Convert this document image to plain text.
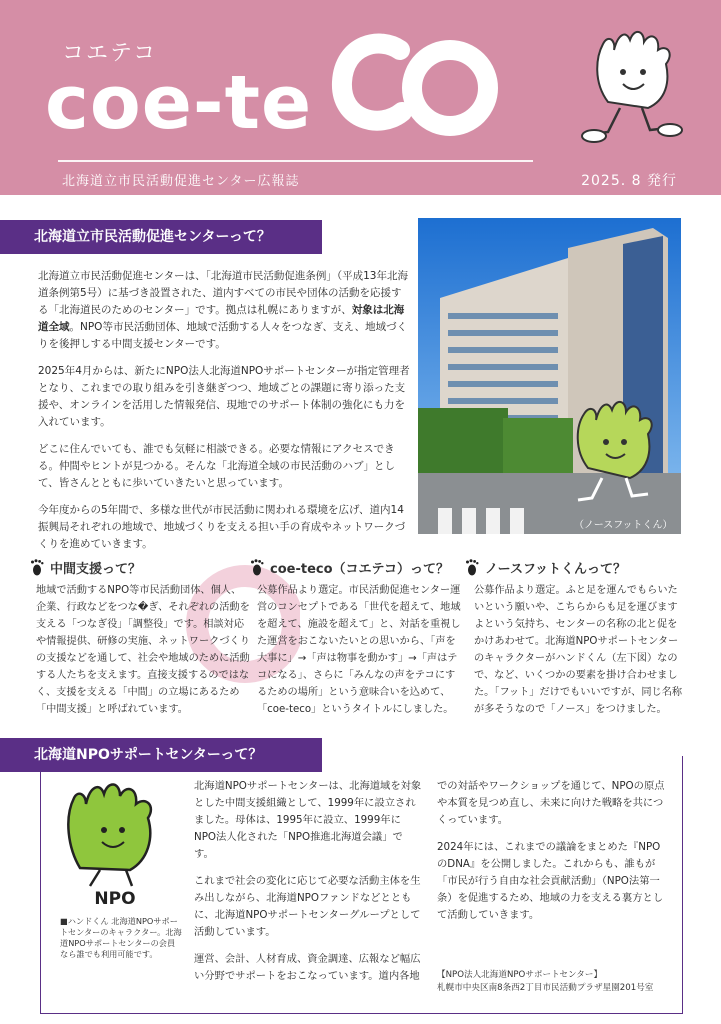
コエテコ
coe-te
北海道立市民活動促進センター広報誌	2025. 8 発行
北海道立市民活動促進センターって？

北海道立市民活動促進センターは、「北海道市民活動促進条例」（平成13年北海道条例第5号）に基づき設置された、道内すべての市民や団体の活動を応援する「北海道民のためのセンター」です。拠点は札幌にありますが、対象は北海道全域。NPO等市民活動団体、地域で活動する人々をつなぎ、支え、地域づくりを後押しする中間支援センターです。

2025年4月からは、新たにNPO法人北海道NPOサポートセンターが指定管理者となり、これまでの取り組みを引き継ぎつつ、地域ごとの課題に寄り添った支援や、オンラインを活用した情報発信、現地でのサポート体制の強化にも力を入れています。

どこに住んでいても、誰でも気軽に相談できる。必要な情報にアクセスできる。仲間やヒントが見つかる。そんな「北海道全域の市民活動のハブ」として、皆さんとともに歩いていきたいと思っています。

今年度からの5年間で、多様な世代が市民活動に関われる環境を広げ、道内14振興局それぞれの地域で、地域づくりを支える担い手の育成やネットワークづくりを進めていきます。

（ノースフットくん）
中間支援って？
地域で活動するNPO等市民活動団体、個人、企業、行政などをつな�ぎ、それぞれの活動を支える「つなぎ役」「調整役」です。相談対応や情報提供、研修の実施、ネットワークづくりの支援などを通して、社会や地域のために活動する人たちを支えます。直接支援するのではなく、支援を支える「中間」の立場にあるため「中間支援」と呼ばれています。
coe-teco（コエテコ）って？
公募作品より選定。市民活動促進センター運営のコンセプトである「世代を超えて、地域を超えて、施設を超えて」と、対話を重視した運営をおこないたいとの思いから、「声を大事に」→「声は物事を動かす」→「声はテコになる」、さらに「みんなの声をテコにするための場所」という意味合いを込めて、「coe-teco」というタイトルにしました。
ノースフットくんって？
公募作品より選定。ふと足を運んでもらいたいという願いや、こちらからも足を運びますよという気持ち、センターの名称の北と促をかけあわせて。北海道NPOサポートセンターのキャラクターがハンドくん（左下図）なので、など、いくつかの要素を掛け合わせました。「フット」だけでもいいですが、同じ名称が多そうなので「ノース」をつけました。
北海道NPOサポートセンターって？
NPO
■ハンドくん 北海道NPOサポートセンターのキャラクター。北海道NPOサポートセンターの会員なら誰でも利用可能です。

北海道NPOサポートセンターは、北海道域を対象とした中間支援組織として、1999年に設立されました。母体は、1995年に設立、1999年にNPO法人化された「NPO推進北海道会議」です。

これまで社会の変化に応じて必要な活動主体を生み出しながら、北海道NPOファンドなどとともに、北海道NPOサポートセンターグループとして活動しています。

運営、会計、人材育成、資金調達、広報など幅広い分野でサポートをおこなっています。道内各地

での対話やワークショップを通じて、NPOの原点や本質を見つめ直し、未来に向けた戦略を共につくっています。

2024年には、これまでの議論をまとめた『NPOのDNA』を公開しました。これからも、誰もが「市民が行う自由な社会貢献活動」（NPO法第一条）を促進するため、地域の力を支える裏方として活動していきます。

【NPO法人北海道NPOサポートセンター】
札幌市中央区南8条西2丁目市民活動プラザ星園201号室
